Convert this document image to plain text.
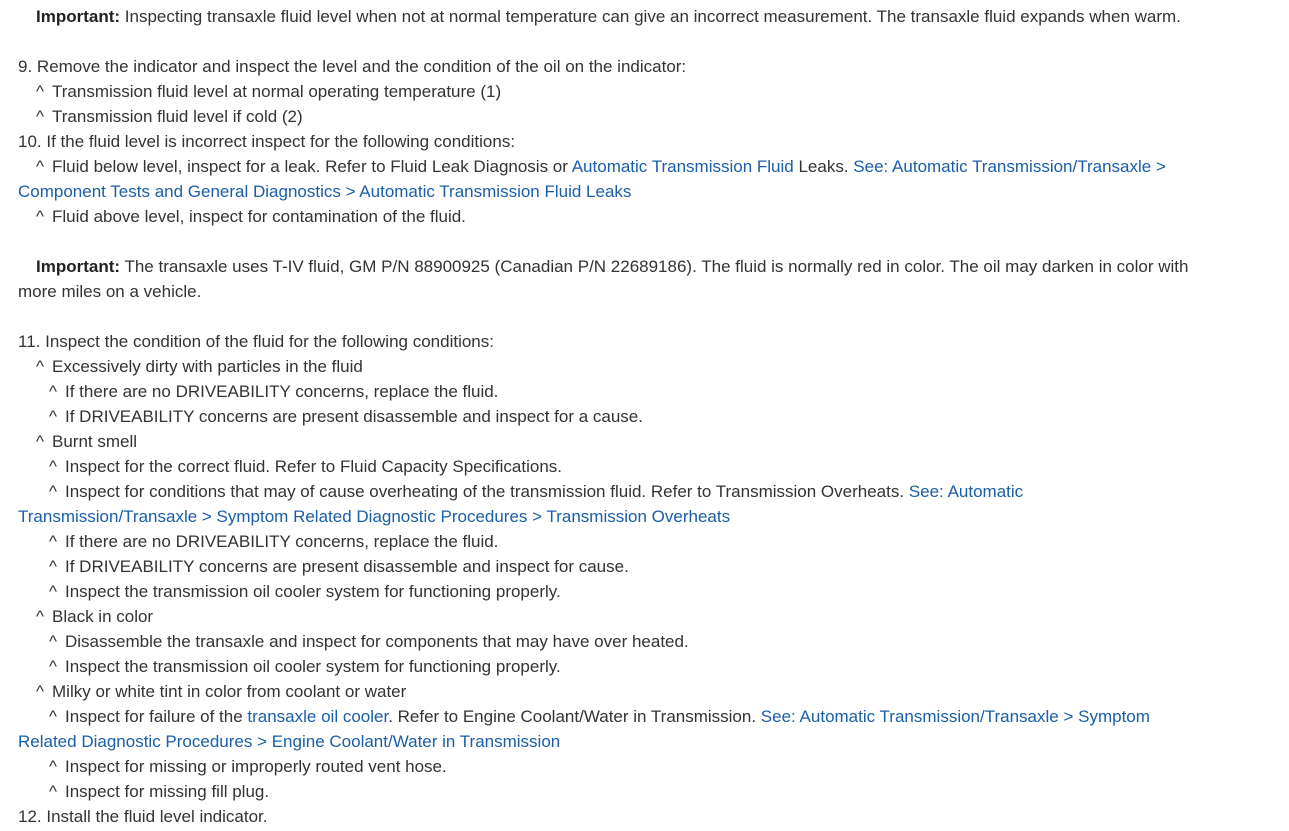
Important: Inspecting transaxle fluid level when not at normal temperature can give an incorrect measurement. The transaxle fluid expands when warm.
9. Remove the indicator and inspect the level and the condition of the oil on the indicator:
^ Transmission fluid level at normal operating temperature (1)
^ Transmission fluid level if cold (2)
10. If the fluid level is incorrect inspect for the following conditions:
^ Fluid below level, inspect for a leak. Refer to Fluid Leak Diagnosis or Automatic Transmission Fluid Leaks. See: Automatic Transmission/Transaxle >
Component Tests and General Diagnostics > Automatic Transmission Fluid Leaks
^ Fluid above level, inspect for contamination of the fluid.
Important: The transaxle uses T-IV fluid, GM P/N 88900925 (Canadian P/N 22689186). The fluid is normally red in color. The oil may darken in color with
more miles on a vehicle.
11. Inspect the condition of the fluid for the following conditions:
^ Excessively dirty with particles in the fluid
^ If there are no DRIVEABILITY concerns, replace the fluid.
^ If DRIVEABILITY concerns are present disassemble and inspect for a cause.
^ Burnt smell
^ Inspect for the correct fluid. Refer to Fluid Capacity Specifications.
^ Inspect for conditions that may of cause overheating of the transmission fluid. Refer to Transmission Overheats. See: Automatic
Transmission/Transaxle > Symptom Related Diagnostic Procedures > Transmission Overheats
^ If there are no DRIVEABILITY concerns, replace the fluid.
^ If DRIVEABILITY concerns are present disassemble and inspect for cause.
^ Inspect the transmission oil cooler system for functioning properly.
^ Black in color
^ Disassemble the transaxle and inspect for components that may have over heated.
^ Inspect the transmission oil cooler system for functioning properly.
^ Milky or white tint in color from coolant or water
^ Inspect for failure of the transaxle oil cooler. Refer to Engine Coolant/Water in Transmission. See: Automatic Transmission/Transaxle > Symptom
Related Diagnostic Procedures > Engine Coolant/Water in Transmission
^ Inspect for missing or improperly routed vent hose.
^ Inspect for missing fill plug.
12. Install the fluid level indicator.
